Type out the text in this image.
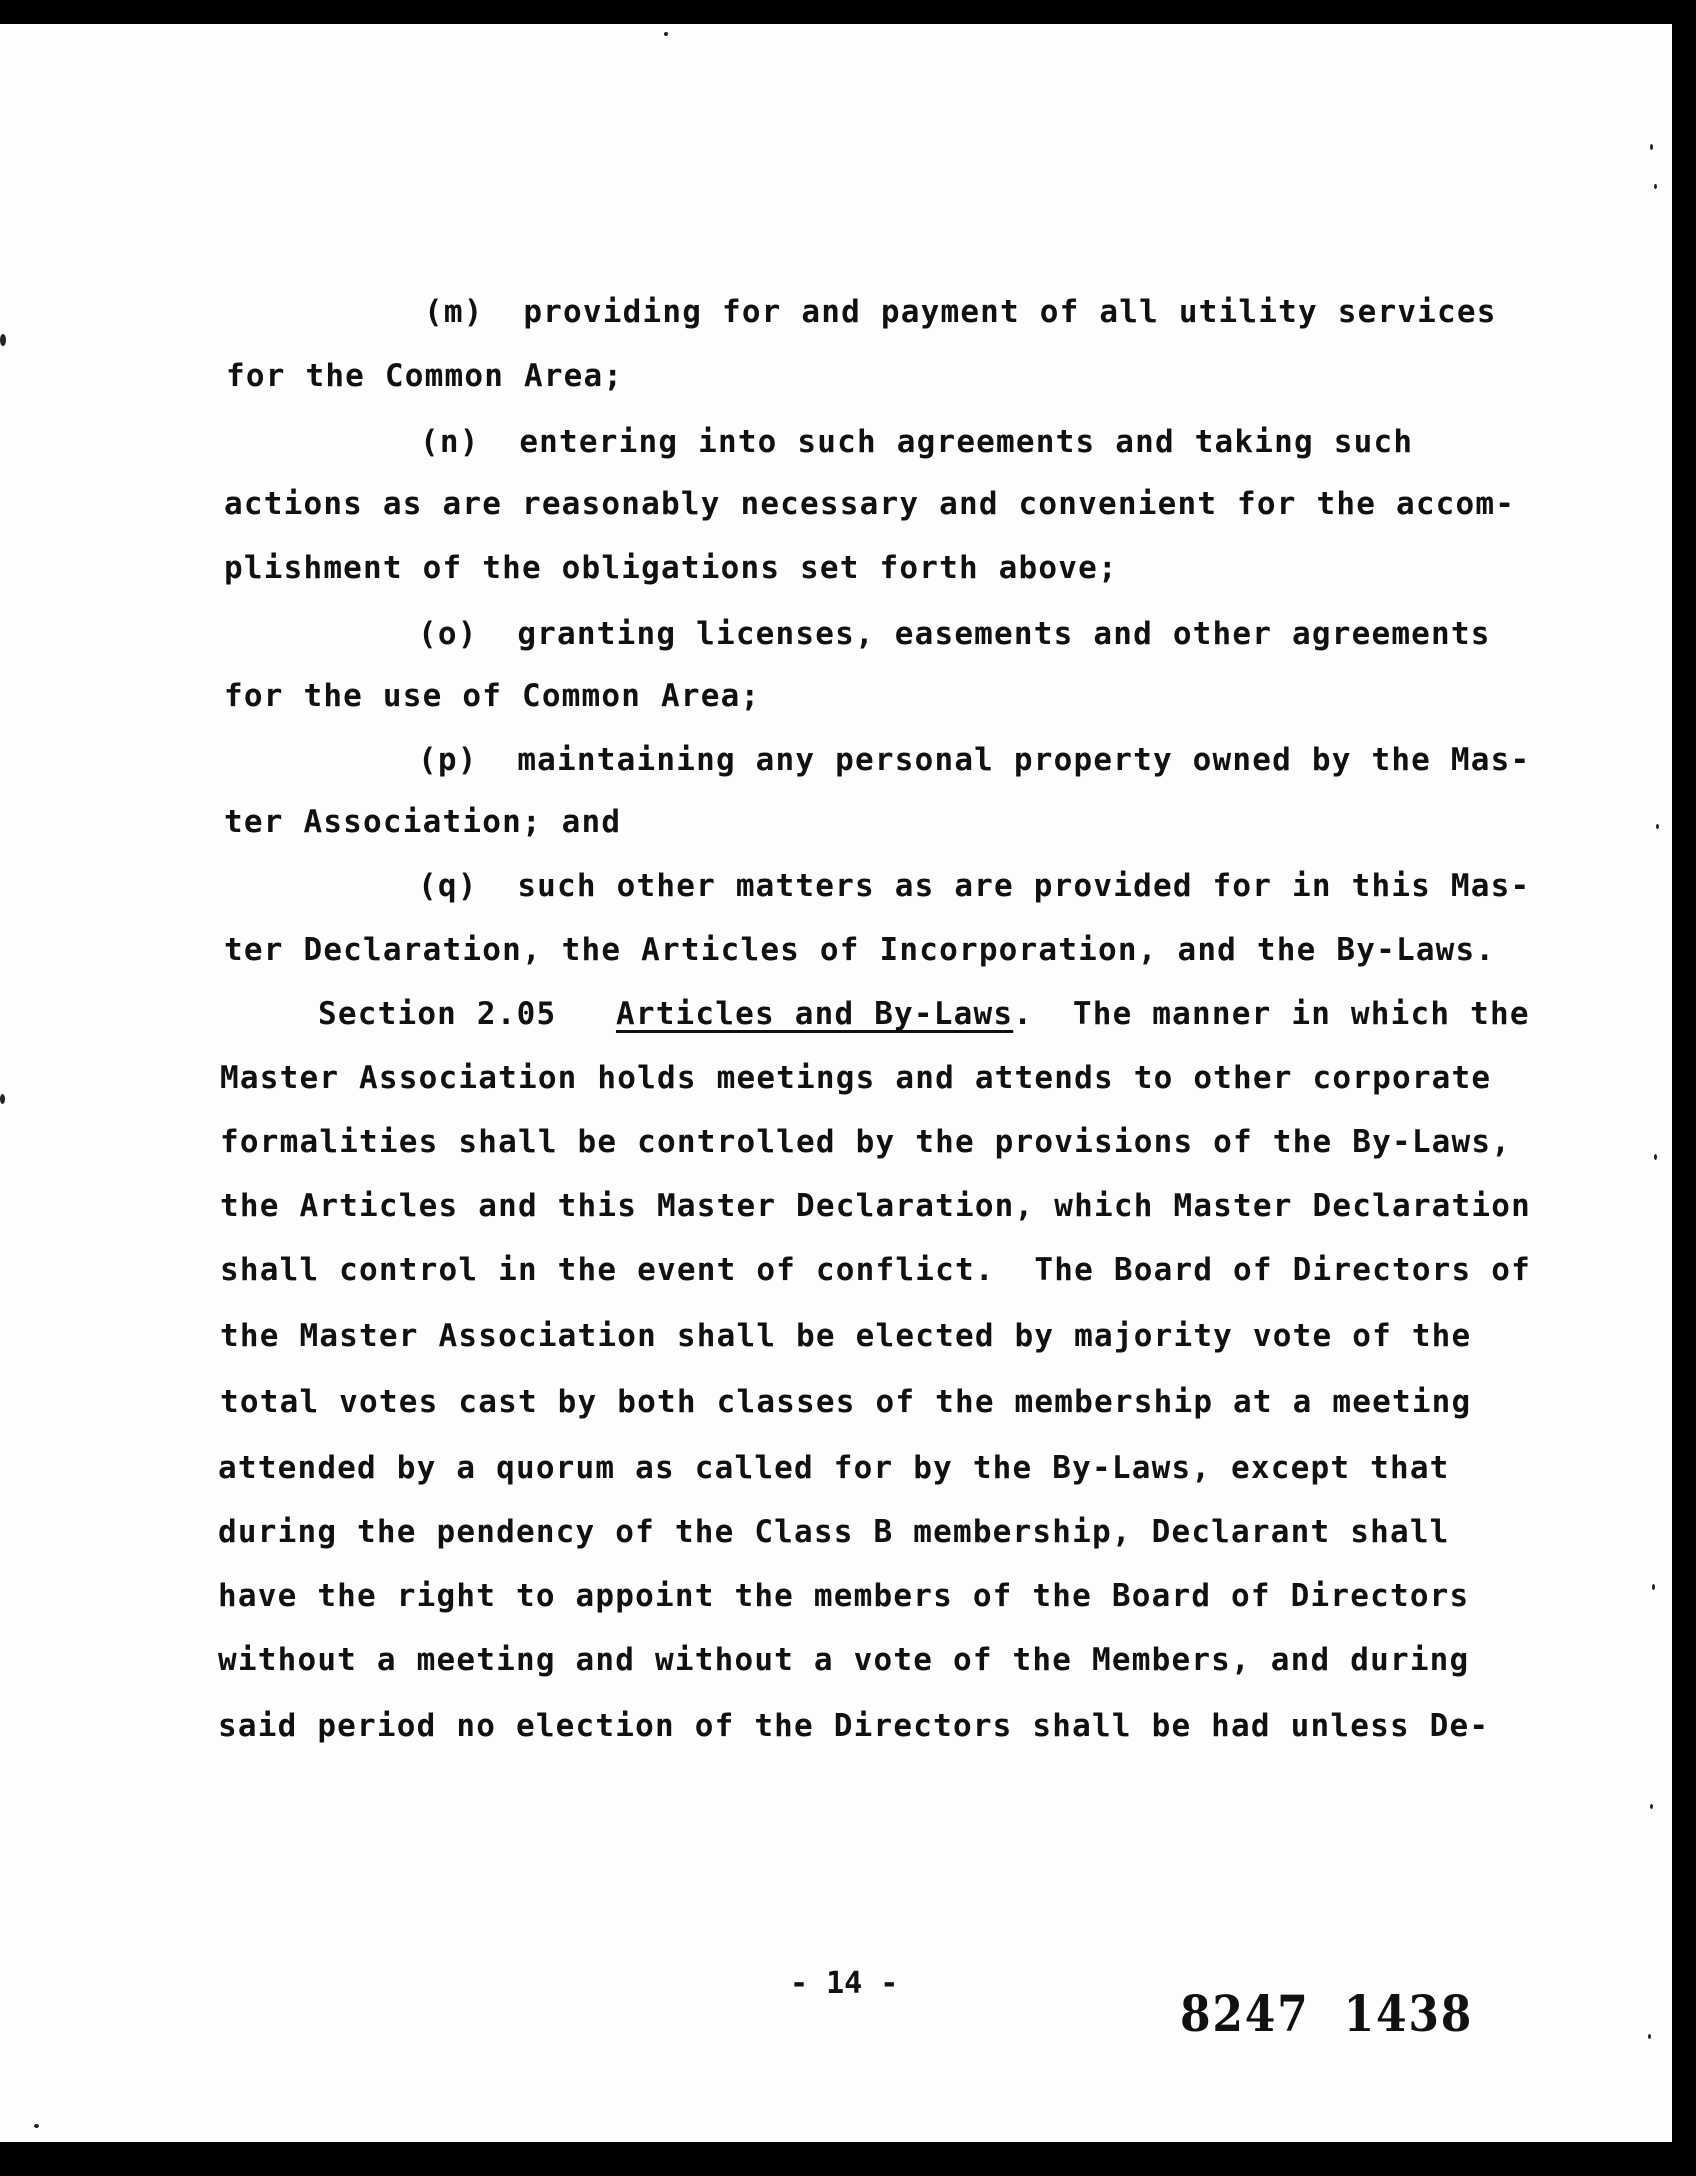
(m)  providing for and payment of all utility services
for the Common Area;
(n)  entering into such agreements and taking such
actions as are reasonably necessary and convenient for the accom-
plishment of the obligations set forth above;
(o)  granting licenses, easements and other agreements
for the use of Common Area;
(p)  maintaining any personal property owned by the Mas-
ter Association; and
(q)  such other matters as are provided for in this Mas-
ter Declaration, the Articles of Incorporation, and the By-Laws.
Section 2.05   Articles and By-Laws.  The manner in which the
Master Association holds meetings and attends to other corporate
formalities shall be controlled by the provisions of the By-Laws,
the Articles and this Master Declaration, which Master Declaration
shall control in the event of conflict.  The Board of Directors of
the Master Association shall be elected by majority vote of the
total votes cast by both classes of the membership at a meeting
attended by a quorum as called for by the By-Laws, except that
during the pendency of the Class B membership, Declarant shall
have the right to appoint the members of the Board of Directors
without a meeting and without a vote of the Members, and during
said period no election of the Directors shall be had unless De-
- 14 -
8247  1438
